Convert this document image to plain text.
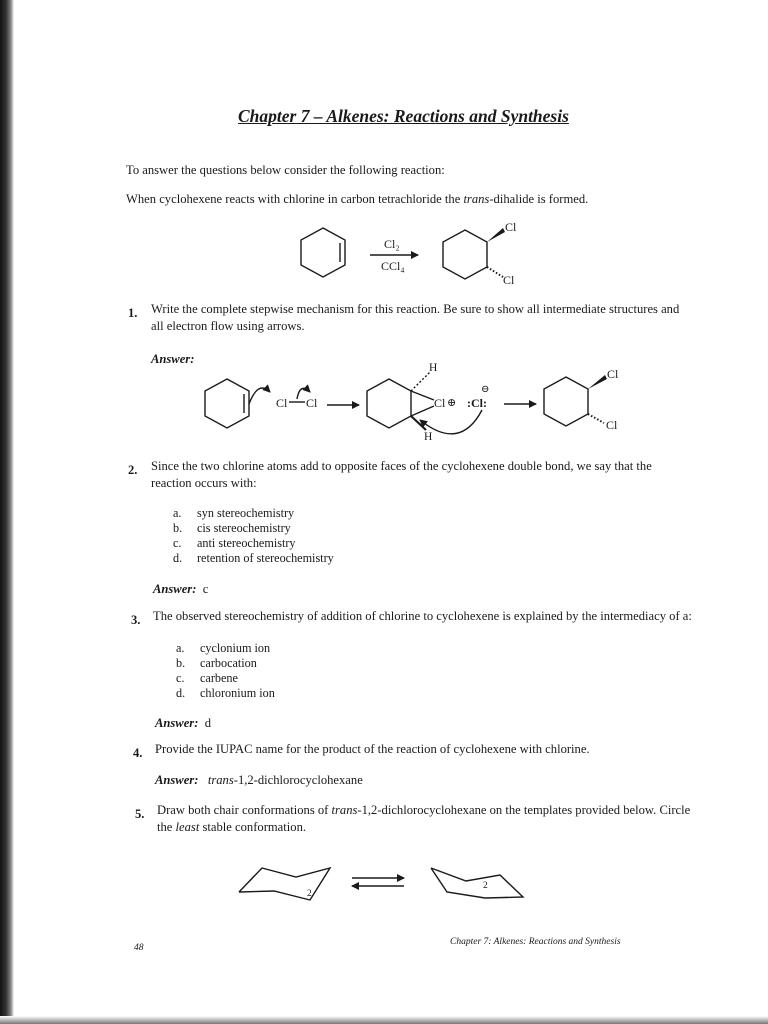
Chapter 7 – Alkenes: Reactions and Synthesis
To answer the questions below consider the following reaction:
When cyclohexene reacts with chlorine in carbon tetrachloride the trans-dihalide is formed.
1. Write the complete stepwise mechanism for this reaction. Be sure to show all intermediate structures and
all electron flow using arrows.
Answer:
2. Since the two chlorine atoms add to opposite faces of the cyclohexene double bond, we say that the
reaction occurs with:
a. syn stereochemistry
b. cis stereochemistry
c. anti stereochemistry
d. retention of stereochemistry
Answer: c
3. The observed stereochemistry of addition of chlorine to cyclohexene is explained by the intermediacy of a:
a. cyclonium ion
b. carbocation
c. carbene
d. chloronium ion
Answer: d
4. Provide the IUPAC name for the product of the reaction of cyclohexene with chlorine.
Answer: trans-1,2-dichlorocyclohexane
5. Draw both chair conformations of trans-1,2-dichlorocyclohexane on the templates provided below. Circle
the least stable conformation.
48
Chapter 7: Alkenes: Reactions and Synthesis
Cl₂
CCl₄
Cl
Cl
Cl Cl
H
H
Cl ⊕ :Cl:
⊖
Cl
Cl
2
2
